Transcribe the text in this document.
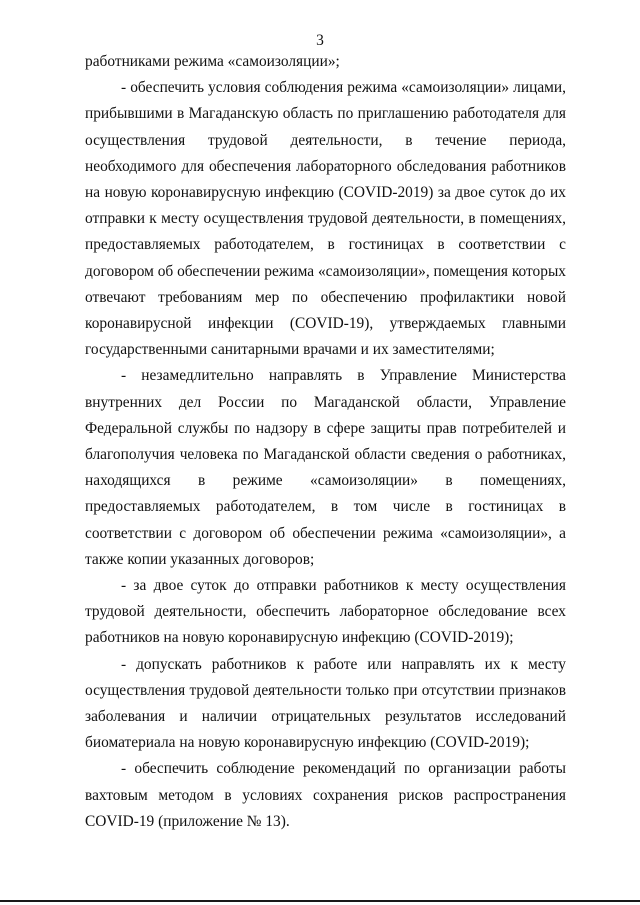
3

работниками режима «самоизоляции»;

- обеспечить условия соблюдения режима «самоизоляции» лицами, прибывшими в Магаданскую область по приглашению работодателя для осуществления трудовой деятельности, в течение периода, необходимого для обеспечения лабораторного обследования работников на новую коронавирусную инфекцию (COVID-2019) за двое суток до их отправки к месту осуществления трудовой деятельности, в помещениях, предоставляемых работодателем, в гостиницах в соответствии с договором об обеспечении режима «самоизоляции», помещения которых отвечают требованиям мер по обеспечению профилактики новой коронавирусной инфекции (COVID-19), утверждаемых главными государственными санитарными врачами и их заместителями;

- незамедлительно направлять в Управление Министерства внутренних дел России по Магаданской области, Управление Федеральной службы по надзору в сфере защиты прав потребителей и благополучия человека по Магаданской области сведения о работниках, находящихся в режиме «самоизоляции» в помещениях, предоставляемых работодателем, в том числе в гостиницах в соответствии с договором об обеспечении режима «самоизоляции», а также копии указанных договоров;

- за двое суток до отправки работников к месту осуществления трудовой деятельности, обеспечить лабораторное обследование всех работников на новую коронавирусную инфекцию (COVID-2019);

- допускать работников к работе или направлять их к месту осуществления трудовой деятельности только при отсутствии признаков заболевания и наличии отрицательных результатов исследований биоматериала на новую коронавирусную инфекцию (COVID-2019);

- обеспечить соблюдение рекомендаций по организации работы вахтовым методом в условиях сохранения рисков распространения COVID-19 (приложение № 13).
